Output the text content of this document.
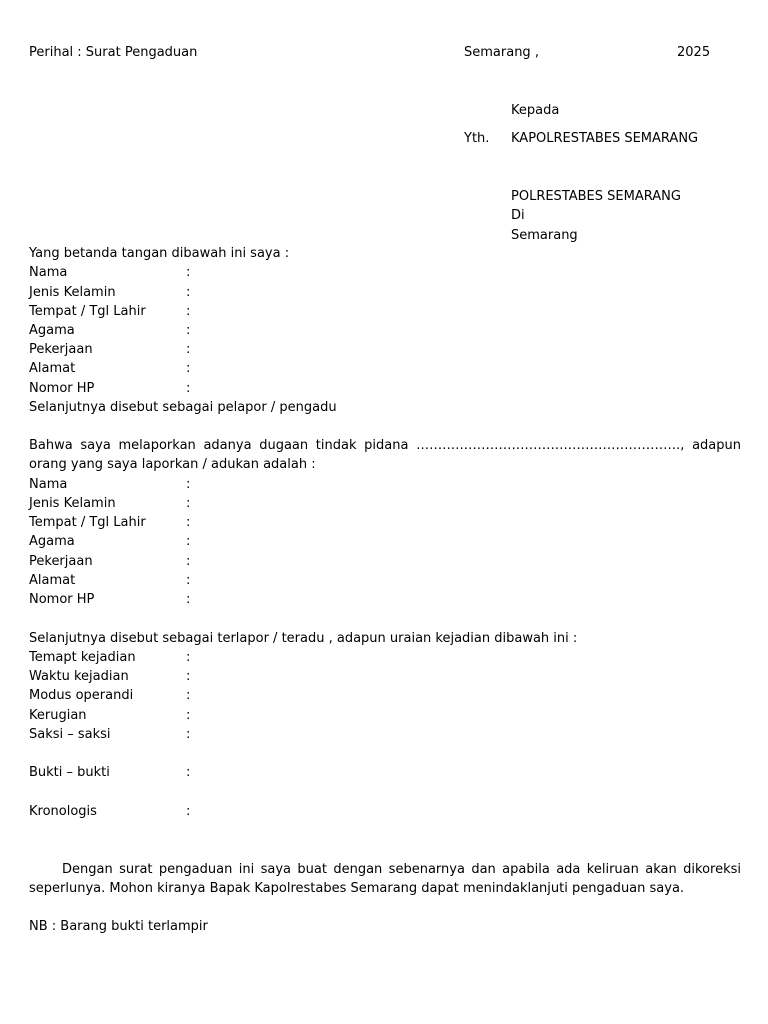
Perihal : Surat Pengaduan	Semarang ,	2025
Kepada
Yth. KAPOLRESTABES SEMARANG
POLRESTABES SEMARANG
Di
Semarang
Yang betanda tangan dibawah ini saya :
Nama	:
Jenis Kelamin	:
Tempat / Tgl Lahir	:
Agama	:
Pekerjaan	:
Alamat	:
Nomor HP	:
Selanjutnya disebut sebagai pelapor / pengadu
Bahwa saya melaporkan adanya dugaan tindak pidana ……………………………………………………., adapun orang yang saya laporkan / adukan adalah :
Nama	:
Jenis Kelamin	:
Tempat / Tgl Lahir	:
Agama	:
Pekerjaan	:
Alamat	:
Nomor HP	:
Selanjutnya disebut sebagai terlapor / teradu , adapun uraian kejadian dibawah ini :
Temapt kejadian	:
Waktu kejadian	:
Modus operandi	:
Kerugian	:
Saksi – saksi	:
Bukti – bukti	:
Kronologis	:
Dengan surat pengaduan ini saya buat dengan sebenarnya dan apabila ada keliruan akan dikoreksi seperlunya. Mohon kiranya Bapak Kapolrestabes Semarang dapat menindaklanjuti pengaduan saya.
NB : Barang bukti terlampir
